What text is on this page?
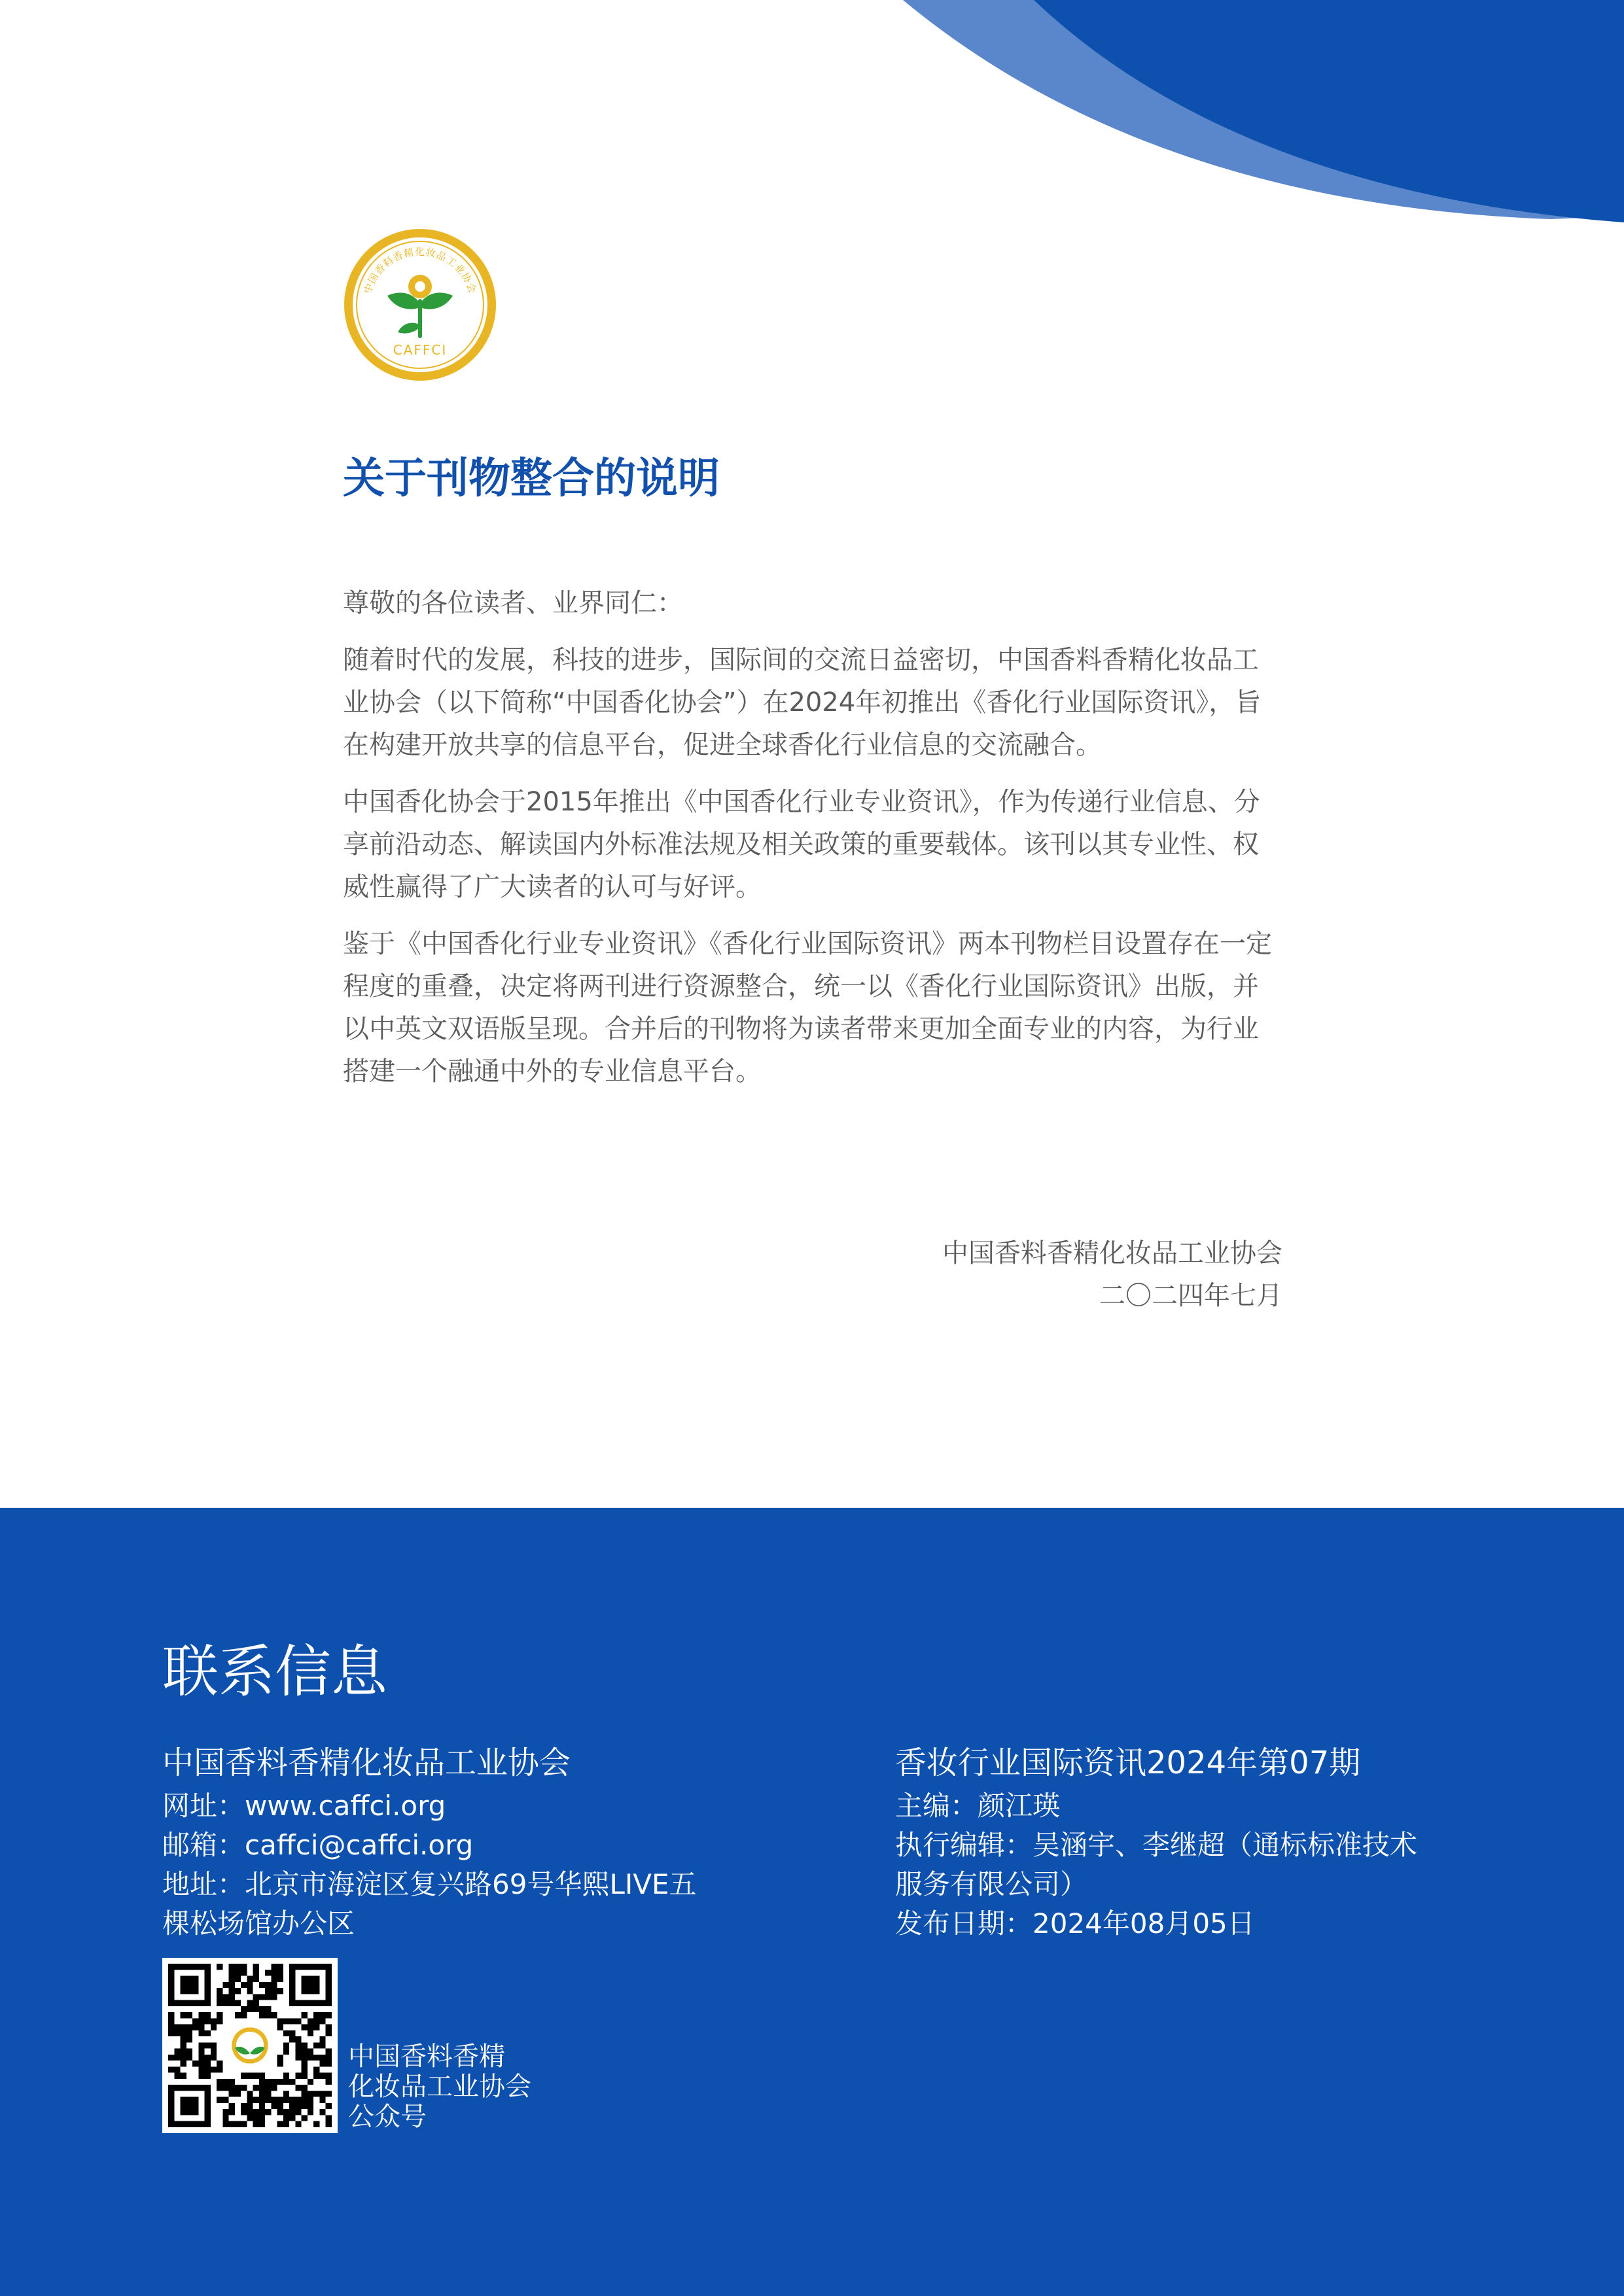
中国香料香精化妆品工业协会
CAFFCI
关于刊物整合的说明

尊敬的各位读者、业界同仁：

随着时代的发展，科技的进步，国际间的交流日益密切，中国香料香精化妆品工业协会（以下简称“中国香化协会”）在2024年初推出《香化行业国际资讯》，旨在构建开放共享的信息平台，促进全球香化行业信息的交流融合。

中国香化协会于2015年推出《中国香化行业专业资讯》，作为传递行业信息、分享前沿动态、解读国内外标准法规及相关政策的重要载体。该刊以其专业性、权威性赢得了广大读者的认可与好评。

鉴于《中国香化行业专业资讯》《香化行业国际资讯》两本刊物栏目设置存在一定程度的重叠，决定将两刊进行资源整合，统一以《香化行业国际资讯》出版，并以中英文双语版呈现。合并后的刊物将为读者带来更加全面专业的内容，为行业搭建一个融通中外的专业信息平台。

中国香料香精化妆品工业协会
二〇二四年七月
联系信息
中国香料香精化妆品工业协会
网址：www.caffci.org
邮箱：caffci@caffci.org
地址：北京市海淀区复兴路69号华熙LIVE五
棵松场馆办公区
中国香料香精
化妆品工业协会
公众号
香妆行业国际资讯2024年第07期
主编：颜江瑛
执行编辑：吴涵宇、李继超（通标标准技术
服务有限公司）
发布日期：2024年08月05日
